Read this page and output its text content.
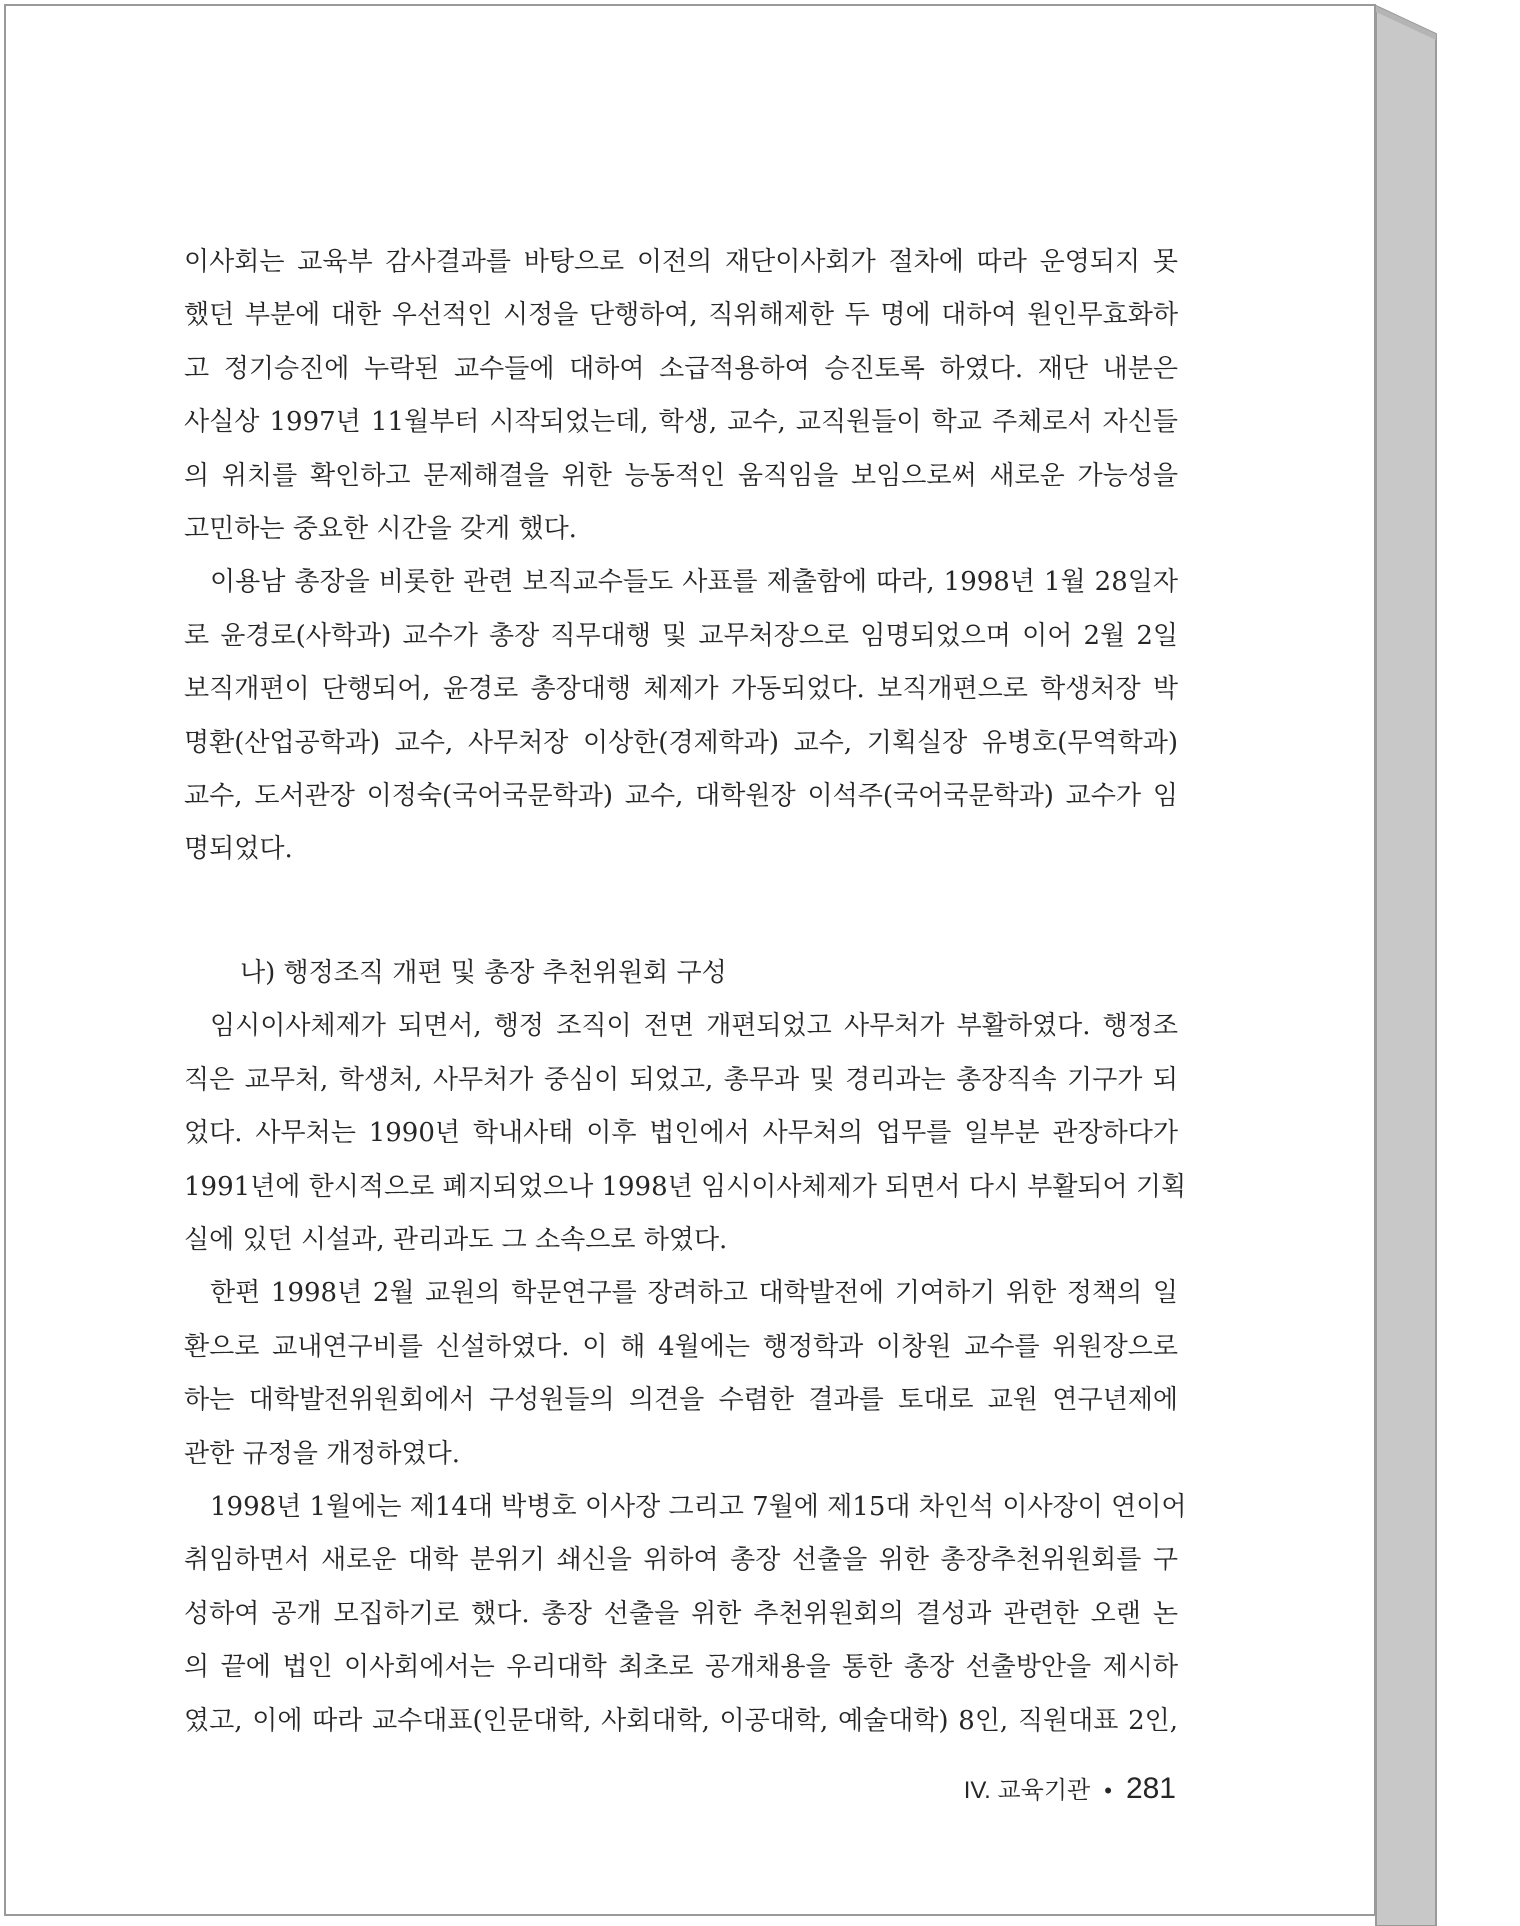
이사회는 교육부 감사결과를 바탕으로 이전의 재단이사회가 절차에 따라 운영되지 못
했던 부분에 대한 우선적인 시정을 단행하여, 직위해제한 두 명에 대하여 원인무효화하
고 정기승진에 누락된 교수들에 대하여 소급적용하여 승진토록 하였다. 재단 내분은
사실상 1997년 11월부터 시작되었는데, 학생, 교수, 교직원들이 학교 주체로서 자신들
의 위치를 확인하고 문제해결을 위한 능동적인 움직임을 보임으로써 새로운 가능성을
고민하는 중요한 시간을 갖게 했다.
이용남 총장을 비롯한 관련 보직교수들도 사표를 제출함에 따라, 1998년 1월 28일자
로 윤경로(사학과) 교수가 총장 직무대행 및 교무처장으로 임명되었으며 이어 2월 2일
보직개편이 단행되어, 윤경로 총장대행 체제가 가동되었다. 보직개편으로 학생처장 박
명환(산업공학과) 교수, 사무처장 이상한(경제학과) 교수, 기획실장 유병호(무역학과)
교수, 도서관장 이정숙(국어국문학과) 교수, 대학원장 이석주(국어국문학과) 교수가 임
명되었다.
나) 행정조직 개편 및 총장 추천위원회 구성
임시이사체제가 되면서, 행정 조직이 전면 개편되었고 사무처가 부활하였다. 행정조
직은 교무처, 학생처, 사무처가 중심이 되었고, 총무과 및 경리과는 총장직속 기구가 되
었다. 사무처는 1990년 학내사태 이후 법인에서 사무처의 업무를 일부분 관장하다가
1991년에 한시적으로 폐지되었으나 1998년 임시이사체제가 되면서 다시 부활되어 기획
실에 있던 시설과, 관리과도 그 소속으로 하였다.
한편 1998년 2월 교원의 학문연구를 장려하고 대학발전에 기여하기 위한 정책의 일
환으로 교내연구비를 신설하였다. 이 해 4월에는 행정학과 이창원 교수를 위원장으로
하는 대학발전위원회에서 구성원들의 의견을 수렴한 결과를 토대로 교원 연구년제에
관한 규정을 개정하였다.
1998년 1월에는 제14대 박병호 이사장 그리고 7월에 제15대 차인석 이사장이 연이어
취임하면서 새로운 대학 분위기 쇄신을 위하여 총장 선출을 위한 총장추천위원회를 구
성하여 공개 모집하기로 했다. 총장 선출을 위한 추천위원회의 결성과 관련한 오랜 논
의 끝에 법인 이사회에서는 우리대학 최초로 공개채용을 통한 총장 선출방안을 제시하
였고, 이에 따라 교수대표(인문대학, 사회대학, 이공대학, 예술대학) 8인, 직원대표 2인,
IV. 교육기관 • 281
